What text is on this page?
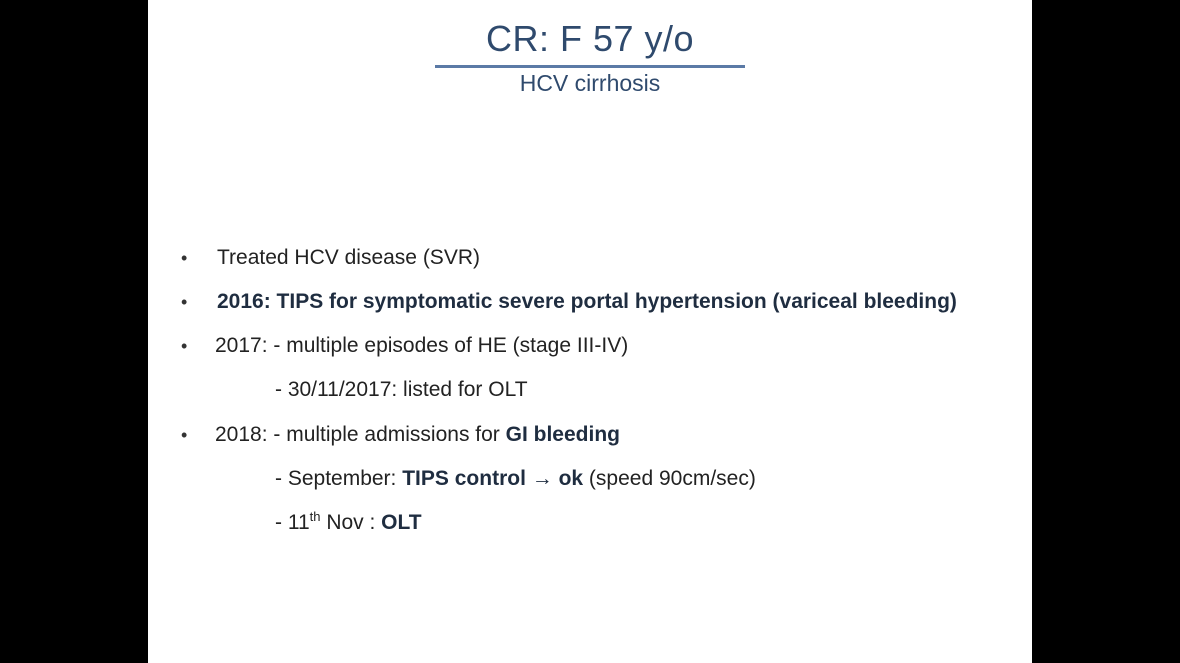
CR: F 57 y/o
HCV cirrhosis
• Treated HCV disease (SVR)
• 2016: TIPS for symptomatic severe portal hypertension (variceal bleeding)
• 2017: - multiple episodes of HE (stage III-IV)
- 30/11/2017: listed for OLT
• 2018: - multiple admissions for GI bleeding
- September: TIPS control → ok (speed 90cm/sec)
- 11th Nov : OLT
